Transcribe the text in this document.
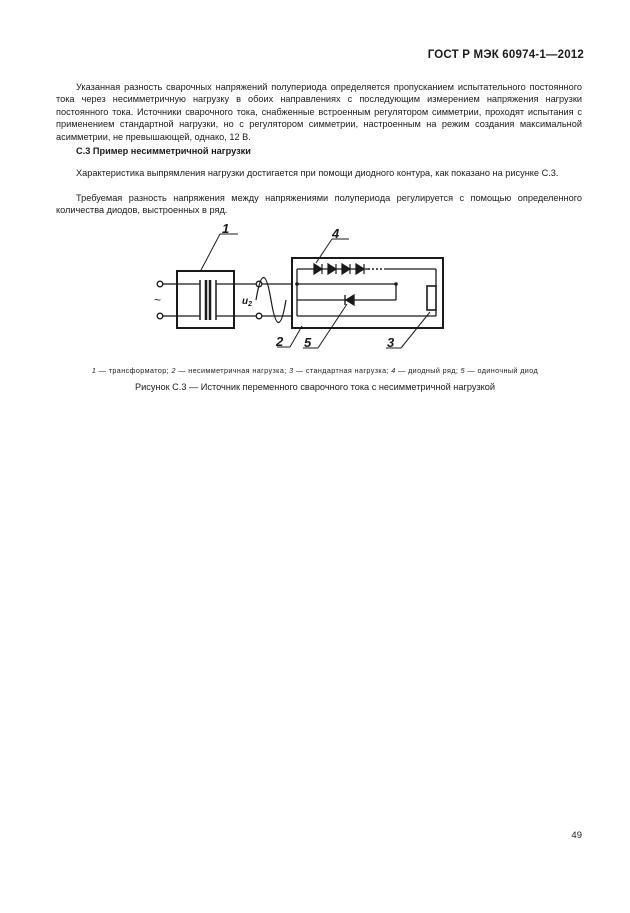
ГОСТ Р МЭК 60974-1—2012

Указанная разность сварочных напряжений полупериода определяется пропусканием испытательного постоянного тока через несимметричную нагрузку в обоих направлениях с последующим измерением напряжения нагрузки постоянного тока. Источники сварочного тока, снабженные встроенным регулятором симметрии, проходят испытания с применением стандартной нагрузки, но с регулятором симметрии, настроенным на режим создания максимальной асимметрии, не превышающей, однако, 12 В.

С.3 Пример несимметричной нагрузки

Характеристика выпрямления нагрузки достигается при помощи диодного контура, как показано на рисунке С.3.

Требуемая разность напряжения между напряжениями полупериода регулируется с помощью определенного количества диодов, выстроенных в ряд.

1	4
2 5	3
~	$u_2$
1 — трансформатор; 2 — несимметричная нагрузка; 3 — стандартная нагрузка; 4 — диодный ряд; 5 — одиночный диод
Рисунок С.3 — Источник переменного сварочного тока с несимметричной нагрузкой
49
